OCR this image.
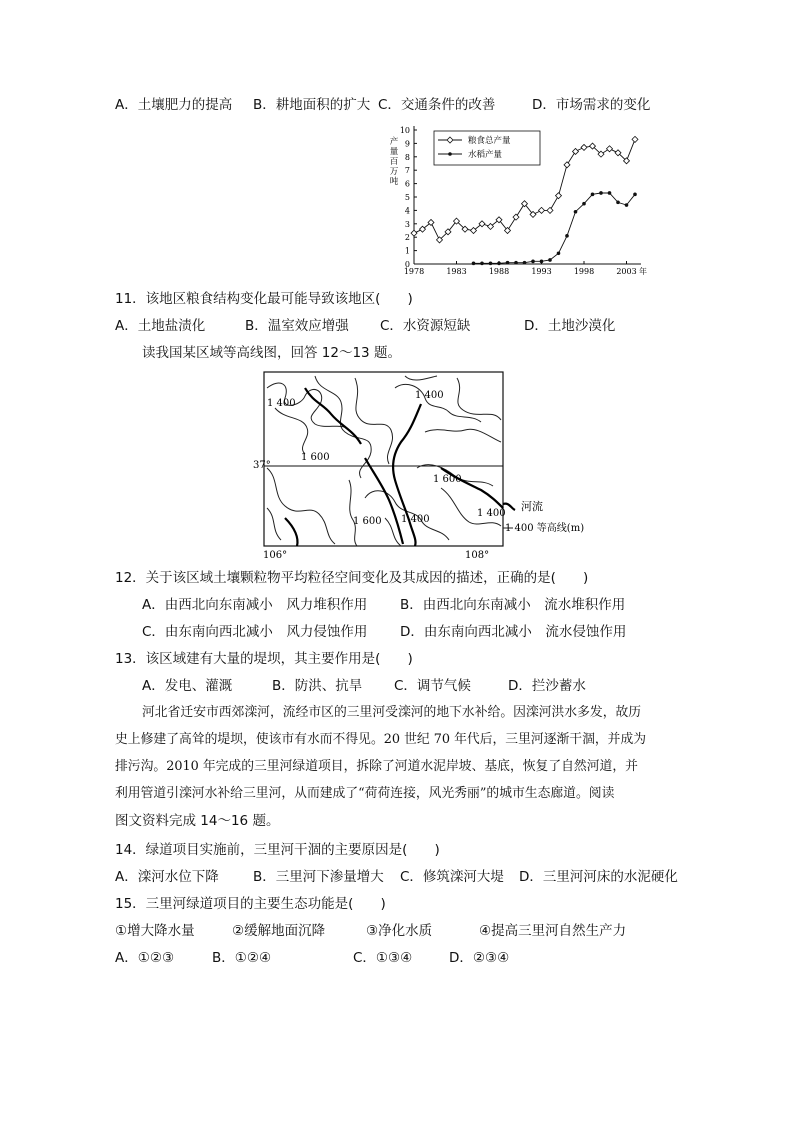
A．土壤肥力的提高 B．耕地面积的扩大 C．交通条件的改善	D．市场需求的变化
0
1
2
3
4
5
6
7
8
9
10
1978	1983	1988	1993	1998	2003 年
产量百万吨
粮食总产量
水稻产量
11．该地区粮食结构变化最可能导致该地区(　　)
A．土地盐渍化	B．温室效应增强 C．水资源短缺	D．土地沙漠化
读我国某区域等高线图，回答 12～13 题。
37°
106°	108°
1 400
1 400
1 600
1 600
1 600 1 400
1 400
河流
1 400 等高线(m)
12．关于该区域土壤颗粒物平均粒径空间变化及其成因的描述，正确的是(　　)
A．由西北向东南减小　风力堆积作用 B．由西北向东南减小　流水堆积作用
C．由东南向西北减小　风力侵蚀作用 D．由东南向西北减小　流水侵蚀作用
13．该区域建有大量的堤坝，其主要作用是(　　)
A．发电、灌溉	B．防洪、抗旱 C．调节气候	D．拦沙蓄水
河北省迁安市西郊滦河，流经市区的三里河受滦河的地下水补给。因滦河洪水多发，故历
史上修建了高耸的堤坝，使该市有水而不得见。20 世纪 70 年代后，三里河逐渐干涸，并成为
排污沟。2010 年完成的三里河绿道项目，拆除了河道水泥岸坡、基底，恢复了自然河道，并
利用管道引滦河水补给三里河，从而建成了“荷荷连接，风光秀丽”的城市生态廊道。阅读
图文资料完成 14～16 题。
14．绿道项目实施前，三里河干涸的主要原因是(　　)
A．滦河水位下降	B．三里河下渗量增大 C．修筑滦河大堤 D．三里河河床的水泥硬化
15．三里河绿道项目的主要生态功能是(　　)
①增大降水量	②缓解地面沉降	③净化水质	④提高三里河自然生产力
A．①②③	B．①②④	C．①③④	D．②③④
